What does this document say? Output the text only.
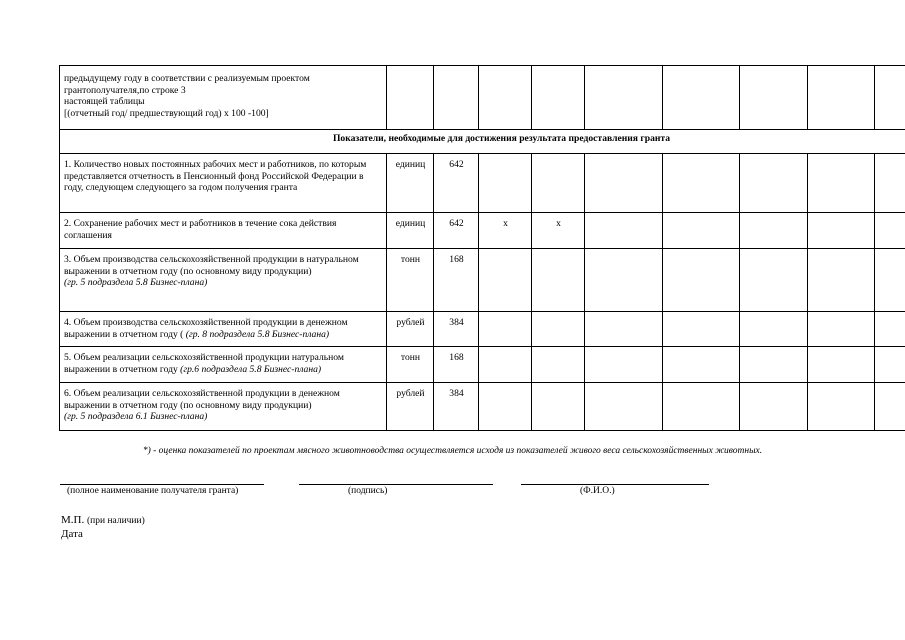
предыдущему году в соответствии с реализуемым проектом
грантополучателя,по строке 3
настоящей таблицы
[(отчетный год/ предшествующий год) x 100 -100]									

Показатели, необходимые для достижения результата предоставления гранта									
1. Количество новых постоянных рабочих мест и работников, по которым представляется отчетность в Пенсионный фонд Российской Федерации в году, следующем следующего за годом получения гранта	единиц	642							
2. Сохранение рабочих мест и работников в течение сока действия соглашения	единиц	642	x	x					
3. Объем производства сельскохозяйственной продукции в натуральном выражении в отчетном году (по основному виду продукции)
(гр. 5 подраздела 5.8 Бизнес-плана)	тонн	168							
4. Объем производства сельскохозяйственной продукции в денежном выражении в отчетном году ( (гр. 8 подраздела 5.8 Бизнес-плана)	рублей	384							
5. Объем реализации сельскохозяйственной продукции натуральном выражении в отчетном году (гр.6 подраздела 5.8 Бизнес-плана)	тонн	168							
6. Объем реализации сельскохозяйственной продукции в денежном выражении в отчетном году (по основному виду продукции)
(гр. 5 подраздела 6.1 Бизнес-плана)	рублей	384							
*) - оценка показателей по проектам мясного животноводства осуществляется исходя из показателей живого веса сельскохозяйственных животных.
(полное наименование получателя гранта)	(подпись)	(Ф.И.О.)
М.П. (при наличии)
Дата
